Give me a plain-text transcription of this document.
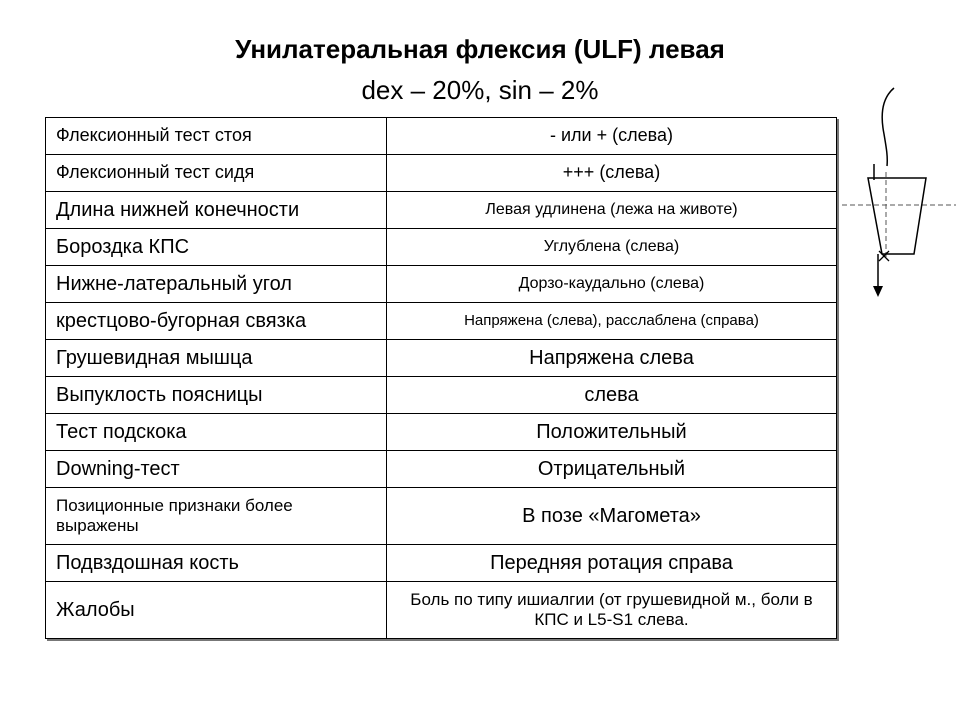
Унилатеральная флексия (ULF) левая
dex – 20%, sin – 2%
Флексионный тест стоя	- или + (слева)
Флексионный тест сидя	+++ (слева)
Длина нижней конечности	Левая удлинена (лежа на животе)
Бороздка КПС	Углублена (слева)
Нижне-латеральный угол	Дорзо-каудально (слева)
крестцово-бугорная связка	Напряжена (слева), расслаблена (справа)
Грушевидная мышца	Напряжена слева
Выпуклость поясницы	слева
Тест подскока	Положительный
Downing-тест	Отрицательный
Позиционные признаки более выражены	В позе «Магомета»
Подвздошная кость	Передняя ротация справа
Жалобы	Боль по типу ишиалгии (от грушевидной м., боли в КПС и L5-S1 слева.
